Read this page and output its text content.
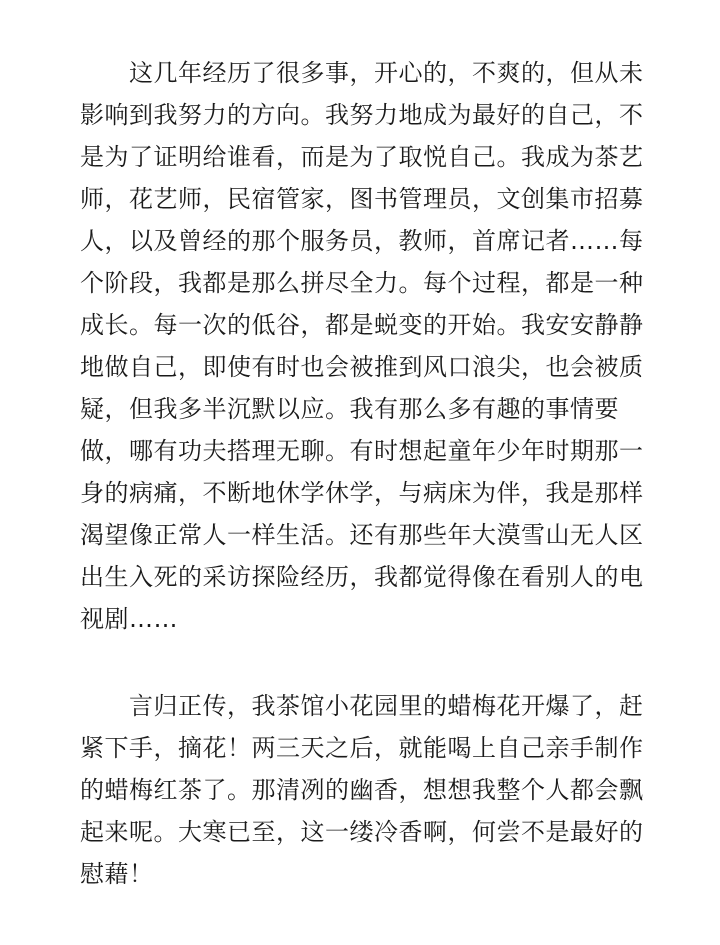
　　这几年经历了很多事，开心的，不爽的，但从未
影响到我努力的方向。我努力地成为最好的自己，不
是为了证明给谁看，而是为了取悦自己。我成为茶艺
师，花艺师，民宿管家，图书管理员，文创集市招募
人，以及曾经的那个服务员，教师，首席记者……每
个阶段，我都是那么拼尽全力。每个过程，都是一种
成长。每一次的低谷，都是蜕变的开始。我安安静静
地做自己，即使有时也会被推到风口浪尖，也会被质
疑，但我多半沉默以应。我有那么多有趣的事情要
做，哪有功夫搭理无聊。有时想起童年少年时期那一
身的病痛，不断地休学休学，与病床为伴，我是那样
渴望像正常人一样生活。还有那些年大漠雪山无人区
出生入死的采访探险经历，我都觉得像在看别人的电
视剧……
　　言归正传，我茶馆小花园里的蜡梅花开爆了，赶
紧下手，摘花！两三天之后，就能喝上自己亲手制作
的蜡梅红茶了。那清冽的幽香，想想我整个人都会飘
起来呢。大寒已至，这一缕冷香啊，何尝不是最好的
慰藉！
